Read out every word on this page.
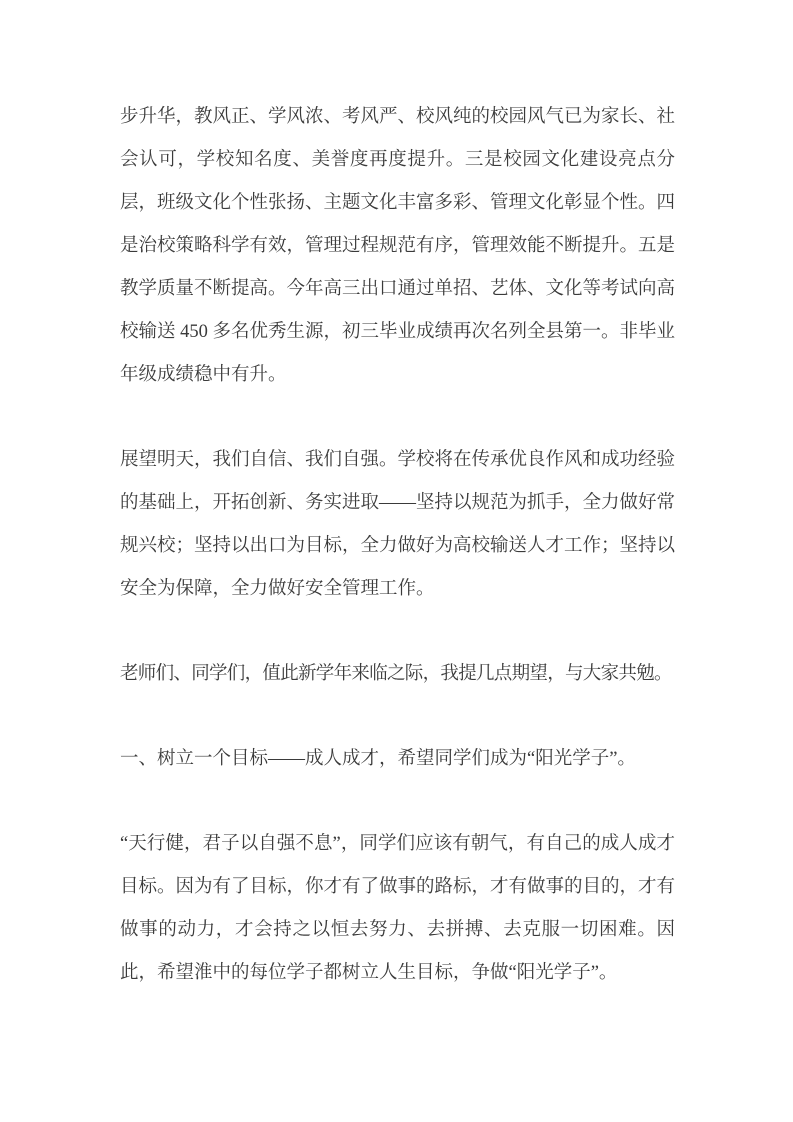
步升华，教风正、学风浓、考风严、校风纯的校园风气已为家长、社会认可，学校知名度、美誉度再度提升。三是校园文化建设亮点分层，班级文化个性张扬、主题文化丰富多彩、管理文化彰显个性。四是治校策略科学有效，管理过程规范有序，管理效能不断提升。五是教学质量不断提高。今年高三出口通过单招、艺体、文化等考试向高校输送 450 多名优秀生源，初三毕业成绩再次名列全县第一。非毕业年级成绩稳中有升。

展望明天，我们自信、我们自强。学校将在传承优良作风和成功经验的基础上，开拓创新、务实进取——坚持以规范为抓手，全力做好常规兴校；坚持以出口为目标，全力做好为高校输送人才工作；坚持以安全为保障，全力做好安全管理工作。

老师们、同学们，值此新学年来临之际，我提几点期望，与大家共勉。

一、树立一个目标——成人成才，希望同学们成为“阳光学子”。

“天行健，君子以自强不息”，同学们应该有朝气，有自己的成人成才目标。因为有了目标，你才有了做事的路标，才有做事的目的，才有做事的动力，才会持之以恒去努力、去拼搏、去克服一切困难。因此，希望淮中的每位学子都树立人生目标，争做“阳光学子”。
